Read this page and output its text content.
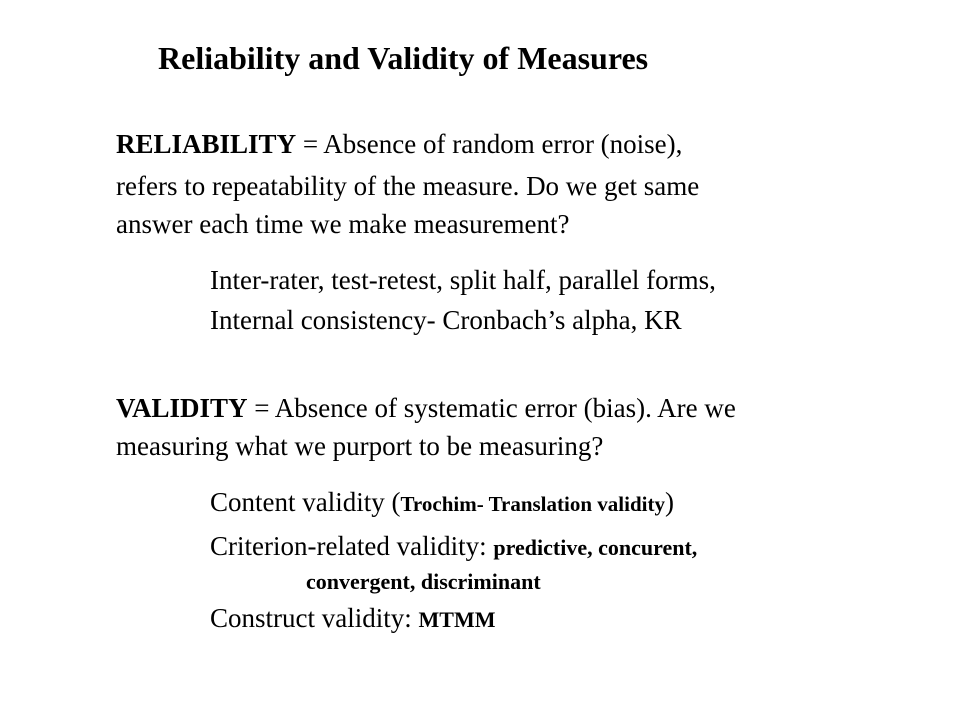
Reliability and Validity of Measures
RELIABILITY = Absence of random error (noise),
refers to repeatability of the measure. Do we get same
answer each time we make measurement?
Inter-rater, test-retest, split half, parallel forms,
Internal consistency- Cronbach’s alpha, KR
VALIDITY = Absence of systematic error (bias). Are we
measuring what we purport to be measuring?
Content validity (Trochim- Translation validity)
Criterion-related validity: predictive, concurent,
convergent, discriminant
Construct validity: MTMM
